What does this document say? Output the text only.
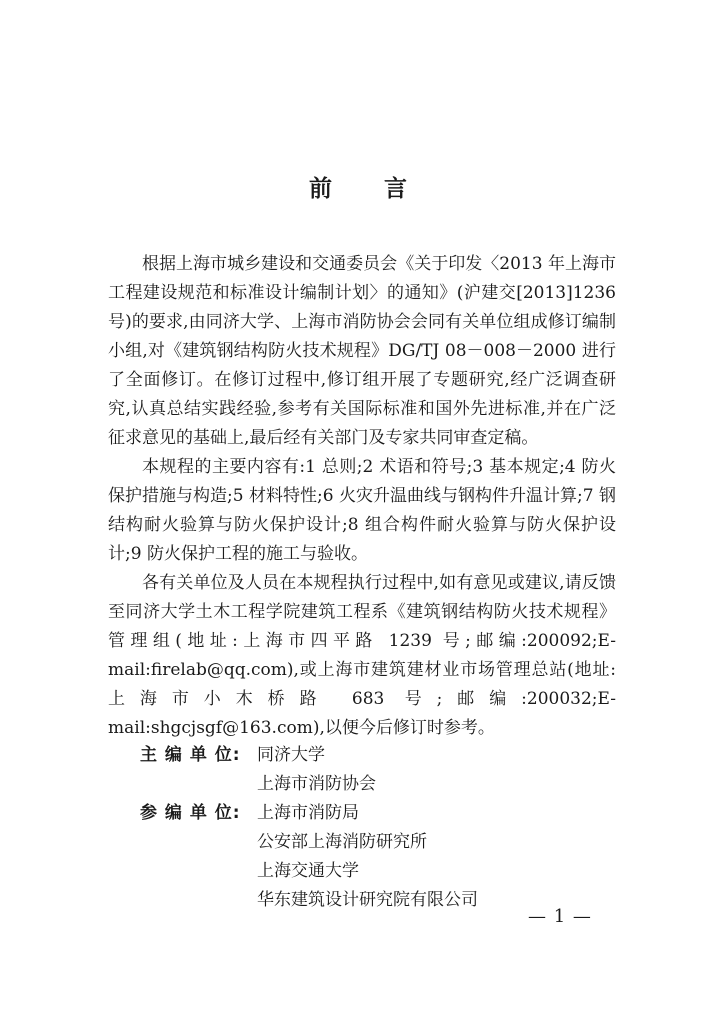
前 言

根据上海市城乡建设和交通委员会《关于印发〈2013 年上海市工程建设规范和标准设计编制计划〉的通知》(沪建交[2013]1236 号)的要求,由同济大学、上海市消防协会会同有关单位组成修订编制小组,对《建筑钢结构防火技术规程》DG/TJ 08－008－2000 进行了全面修订。在修订过程中,修订组开展了专题研究,经广泛调查研究,认真总结实践经验,参考有关国际标准和国外先进标准,并在广泛征求意见的基础上,最后经有关部门及专家共同审查定稿。

本规程的主要内容有:1 总则;2 术语和符号;3 基本规定;4 防火保护措施与构造;5 材料特性;6 火灾升温曲线与钢构件升温计算;7 钢结构耐火验算与防火保护设计;8 组合构件耐火验算与防火保护设计;9 防火保护工程的施工与验收。

各有关单位及人员在本规程执行过程中,如有意见或建议,请反馈至同济大学土木工程学院建筑工程系《建筑钢结构防火技术规程》管理组(地址:上海市四平路 1239 号;邮编:200092;E-mail:firelab@qq.com),或上海市建筑建材业市场管理总站(地址:上海市小木桥路 683 号;邮编:200032;E-mail:shgcjsgf@163.com),以便今后修订时参考。

主 编 单 位: 同济大学
上海市消防协会
参 编 单 位: 上海市消防局
公安部上海消防研究所
上海交通大学
华东建筑设计研究院有限公司
— 1 —
